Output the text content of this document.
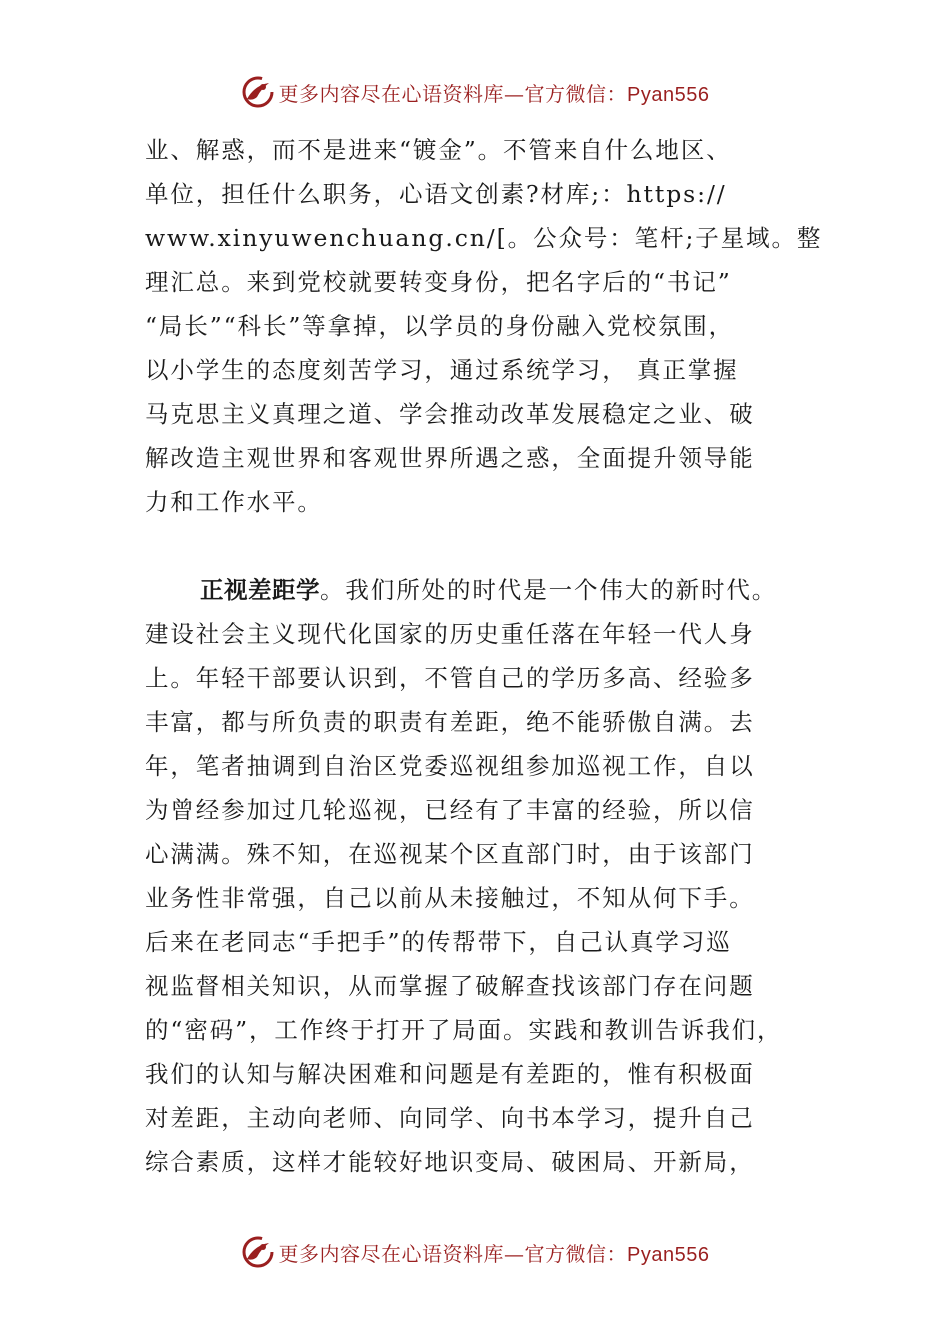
更多内容尽在心语资料库—官方微信：Pyan556
业、解惑，而不是进来“镀金”。不管来自什么地区、
单位，担任什么职务，心语文创素?材库;：https://
www.xinyuwenchuang.cn/[。公众号：笔杆;子星域。整
理汇总。来到党校就要转变身份，把名字后的“书记”
“局长”“科长”等拿掉，以学员的身份融入党校氛围，
以小学生的态度刻苦学习，通过系统学习， 真正掌握
马克思主义真理之道、学会推动改革发展稳定之业、破
解改造主观世界和客观世界所遇之惑，全面提升领导能
力和工作水平。
正视差距学。我们所处的时代是一个伟大的新时代。
建设社会主义现代化国家的历史重任落在年轻一代人身
上。年轻干部要认识到，不管自己的学历多高、经验多
丰富，都与所负责的职责有差距，绝不能骄傲自满。去
年，笔者抽调到自治区党委巡视组参加巡视工作，自以
为曾经参加过几轮巡视，已经有了丰富的经验，所以信
心满满。殊不知，在巡视某个区直部门时，由于该部门
业务性非常强，自己以前从未接触过，不知从何下手。
后来在老同志“手把手”的传帮带下，自己认真学习巡
视监督相关知识，从而掌握了破解查找该部门存在问题
的“密码”，工作终于打开了局面。实践和教训告诉我们，
我们的认知与解决困难和问题是有差距的，惟有积极面
对差距，主动向老师、向同学、向书本学习，提升自己
综合素质，这样才能较好地识变局、破困局、开新局，
更多内容尽在心语资料库—官方微信：Pyan556
